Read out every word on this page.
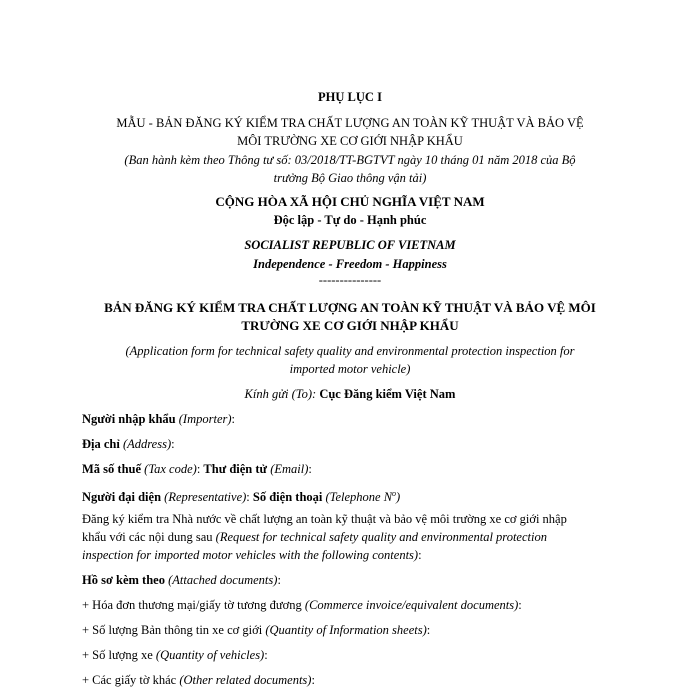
PHỤ LỤC I
MẪU - BẢN ĐĂNG KÝ KIỂM TRA CHẤT LƯỢNG AN TOÀN KỸ THUẬT VÀ BẢO VỆ
MÔI TRƯỜNG XE CƠ GIỚI NHẬP KHẨU
(Ban hành kèm theo Thông tư số: 03/2018/TT-BGTVT ngày 10 tháng 01 năm 2018 của Bộ
trưởng Bộ Giao thông vận tải)
CỘNG HÒA XÃ HỘI CHỦ NGHĨA VIỆT NAM
Độc lập - Tự do - Hạnh phúc
SOCIALIST REPUBLIC OF VIETNAM
Independence - Freedom - Happiness
---------------
BẢN ĐĂNG KÝ KIỂM TRA CHẤT LƯỢNG AN TOÀN KỸ THUẬT VÀ BẢO VỆ MÔI
TRƯỜNG XE CƠ GIỚI NHẬP KHẨU
(Application form for technical safety quality and environmental protection inspection for
imported motor vehicle)
Kính gửi (To): Cục Đăng kiểm Việt Nam
Người nhập khẩu (Importer):
Địa chỉ (Address):
Mã số thuế (Tax code): Thư điện tử (Email):
Người đại diện (Representative): Số điện thoại (Telephone $N^o$)
Đăng ký kiểm tra Nhà nước về chất lượng an toàn kỹ thuật và bảo vệ môi trường xe cơ giới nhập
khẩu với các nội dung sau (Request for technical safety quality and environmental protection
inspection for imported motor vehicles with the following contents):
Hồ sơ kèm theo (Attached documents):
+ Hóa đơn thương mại/giấy tờ tương đương (Commerce invoice/equivalent documents):
+ Số lượng Bản thông tin xe cơ giới (Quantity of Information sheets):
+ Số lượng xe (Quantity of vehicles):
+ Các giấy tờ khác (Other related documents):
